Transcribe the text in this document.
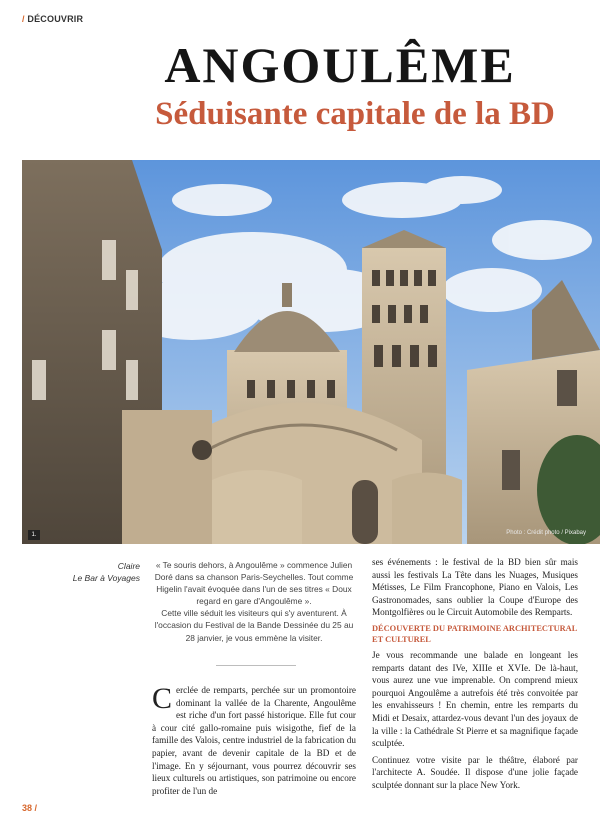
/ DÉCOUVRIR
ANGOULÊME
Séduisante capitale de la BD
1.	Photo : Crédit photo / Pixabay
Claire
Le Bar à Voyages
« Te souris dehors, à Angoulême » commence Julien Doré dans sa chanson Paris-Seychelles. Tout comme Higelin l'avait évoquée dans l'un de ses titres « Doux regard en gare d'Angoulême ».
Cette ville séduit les visiteurs qui s'y aventurent. À l'occasion du Festival de la Bande Dessinée du 25 au 28 janvier, je vous emmène la visiter.
C erclée de remparts, perchée sur un promontoire dominant la vallée de la Charente, Angoulême est riche d'un fort passé historique. Elle fut cour à cour cité gallo-romaine puis wisigothe, fief de la famille des Valois, centre industriel de la fabrication du papier, avant de devenir capitale de la BD et de l'image. En y séjournant, vous pourrez découvrir ses lieux culturels ou artistiques, son patrimoine ou encore profiter de l'un de

ses événements : le festival de la BD bien sûr mais aussi les festivals La Tête dans les Nuages, Musiques Métisses, Le Film Francophone, Piano en Valois, Les Gastronomades, sans oublier la Coupe d'Europe des Montgolfières ou le Circuit Automobile des Remparts.

DÉCOUVERTE DU PATRIMOINE ARCHITECTURAL ET CULTUREL

Je vous recommande une balade en longeant les remparts datant des IVe, XIIIe et XVIe. De là-haut, vous aurez une vue imprenable. On comprend mieux pourquoi Angoulême a autrefois été très convoitée par les envahisseurs ! En chemin, entre les remparts du Midi et Desaix, attardez-vous devant l'un des joyaux de la ville : la Cathédrale St Pierre et sa magnifique façade sculptée.

Continuez votre visite par le théâtre, élaboré par l'architecte A. Soudée. Il dispose d'une jolie façade sculptée donnant sur la place New York.

38 /
